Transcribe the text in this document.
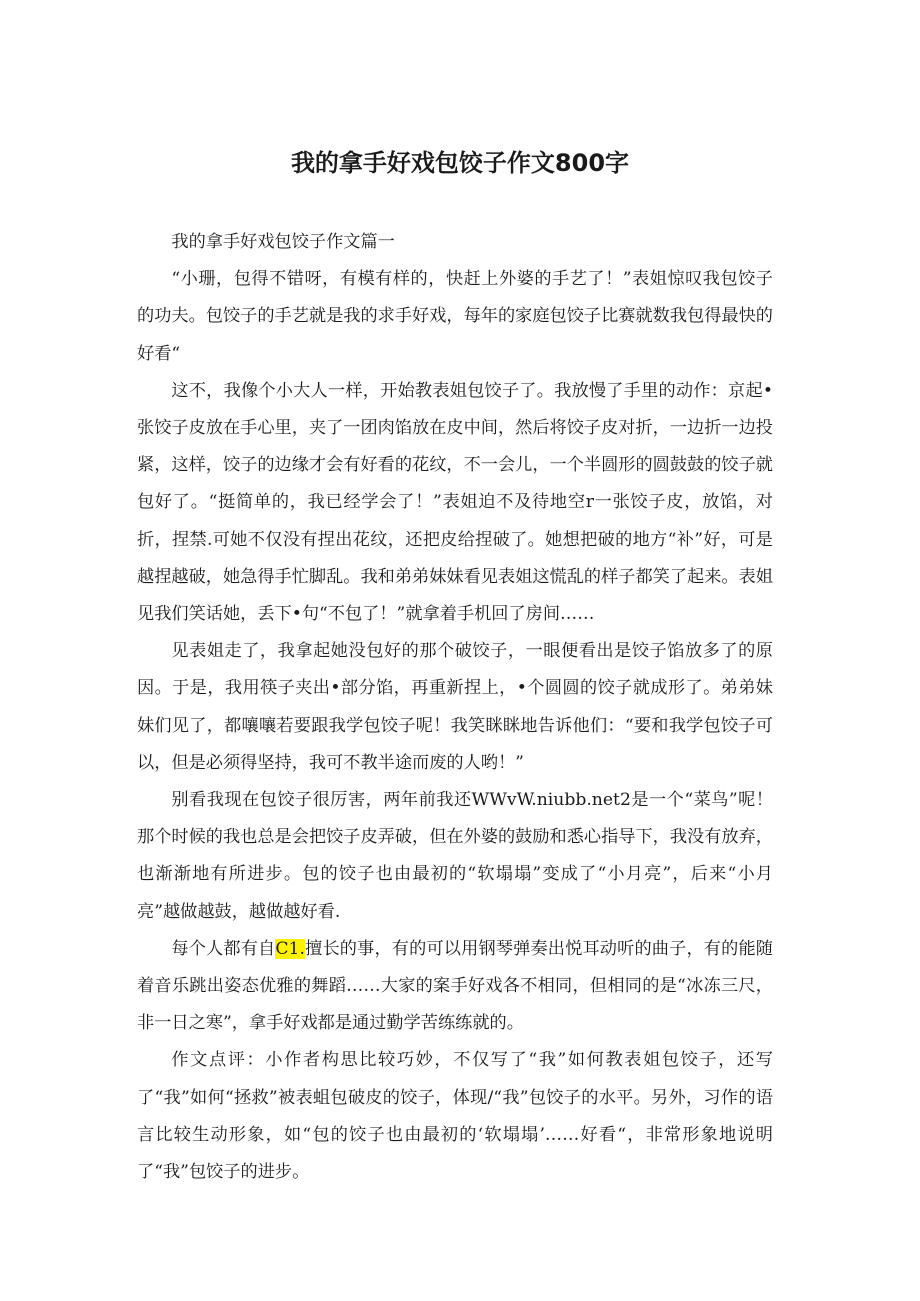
我的拿手好戏包饺子作文800字

我的拿手好戏包饺子作文篇一

“小珊，包得不错呀，有模有样的，快赶上外婆的手艺了！”表姐惊叹我包饺子的功夫。包饺子的手艺就是我的求手好戏，每年的家庭包饺子比赛就数我包得最快的好看“

这不，我像个小大人一样，开始教表姐包饺子了。我放慢了手里的动作：京起•张饺子皮放在手心里，夹了一团肉馅放在皮中间，然后将饺子皮对折，一边折一边投紧，这样，饺子的边缘才会有好看的花纹，不一会儿，一个半圆形的圆鼓鼓的饺子就包好了。“挺简单的，我已经学会了！”表姐迫不及待地空r一张饺子皮，放馅，对折，捏禁.可她不仅没有捏出花纹，还把皮给捏破了。她想把破的地方“补”好，可是越捏越破，她急得手忙脚乱。我和弟弟妹妹看见表姐这慌乱的样子都笑了起来。表姐见我们笑话她，丢下•句“不包了！”就拿着手机回了房间……

见表姐走了，我拿起她没包好的那个破饺子，一眼便看出是饺子馅放多了的原因。于是，我用筷子夹出•部分馅，再重新捏上，•个圆圆的饺子就成形了。弟弟妹妹们见了，都嚷嚷若要跟我学包饺子呢！我笑眯眯地告诉他们：“要和我学包饺子可以，但是必须得坚持，我可不教半途而废的人哟！”

别看我现在包饺子很厉害，两年前我还WWvW.niubb.net2是一个“菜鸟”呢！那个时候的我也总是会把饺子皮弄破，但在外婆的鼓励和悉心指导下，我没有放弃，也渐渐地有所进步。包的饺子也由最初的“软塌塌”变成了“小月亮”，后来“小月亮”越做越鼓，越做越好看.

每个人都有自C1.擅长的事，有的可以用钢琴弹奏出悦耳动听的曲子，有的能随着音乐跳出姿态优雅的舞蹈……大家的案手好戏各不相同，但相同的是“冰冻三尺，非一日之寒”，拿手好戏都是通过勤学苦练练就的。

作文点评：小作者构思比较巧妙，不仅写了“我”如何教表姐包饺子，还写了“我”如何“拯救”被表蛆包破皮的饺子，体现/“我”包饺子的水平。另外，习作的语言比较生动形象，如“包的饺子也由最初的‘软塌塌’……好看“，非常形象地说明了“我”包饺子的进步。
